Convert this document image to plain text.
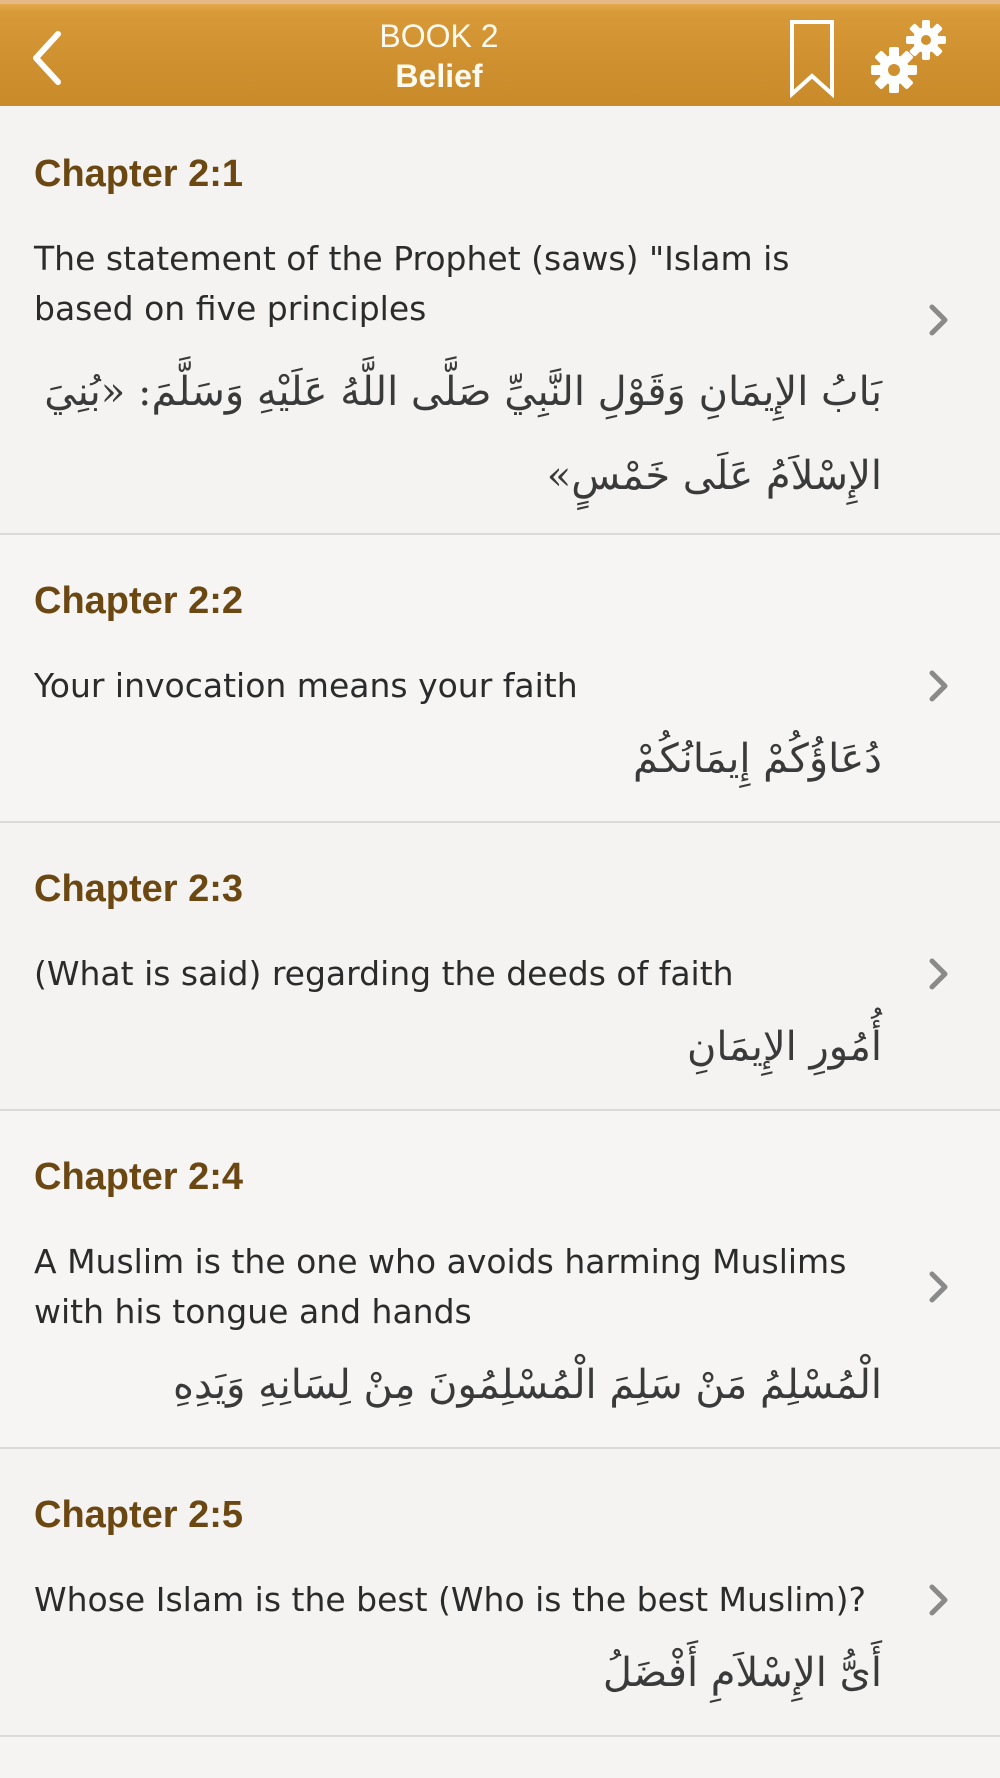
BOOK 2
Belief
Chapter 2:1
The statement of the Prophet (saws) "Islam is based on five principles
بَابُ الإِيمَانِ وَقَوْلِ النَّبِيِّ صَلَّى اللَّهُ عَلَيْهِ وَسَلَّمَ: «بُنِيَ الإِسْلاَمُ عَلَى خَمْسٍ»
Chapter 2:2
Your invocation means your faith
دُعَاؤُكُمْ إِيمَانُكُمْ
Chapter 2:3
(What is said) regarding the deeds of faith
أُمُورِ الإِيمَانِ
Chapter 2:4
A Muslim is the one who avoids harming Muslims with his tongue and hands
الْمُسْلِمُ مَنْ سَلِمَ الْمُسْلِمُونَ مِنْ لِسَانِهِ وَيَدِهِ
Chapter 2:5
Whose Islam is the best (Who is the best Muslim)?
أَىُّ الإِسْلاَمِ أَفْضَلُ
